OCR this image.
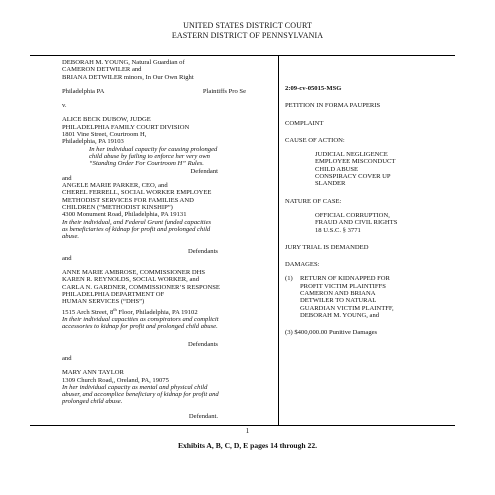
UNITED STATES DISTRICT COURT
EASTERN DISTRICT OF PENNSYLVANIA
DEBORAH M. YOUNG, Natural Guardian of
CAMERON DETWILER and
BRIANA DETWILER minors, In Our Own Right
Philadelphia PA	Plaintiffs Pro Se
v.
ALICE BECK DUBOW, JUDGE
PHILADELPHIA FAMILY COURT DIVISION
1801 Vine Street, Courtroom H,
Philadelphia, PA 19103
In her individual capacity for causing prolonged
child abuse by failing to enforce her very own
“Standing Order For Courtroom H” Rules.
Defendant
and
ANGELE MARIE PARKER, CEO, and
CHEREL FERRELL, SOCIAL WORKER EMPLOYEE
METHODIST SERVICES FOR FAMILIES AND
CHILDREN (“METHODIST KINSHIP”)
4300 Monument Road, Philadelphia, PA 19131
In their individual, and Federal Grant funded capacities
as beneficiaries of kidnap for profit and prolonged child
abuse.
Defendants
and
ANNE MARIE AMBROSE, COMMISSIONER DHS
KAREN R. REYNOLDS, SOCIAL WORKER, and
CARLA N. GARDNER, COMMISSIONER’S RESPONSE
PHILADELPHIA DEPARTMENT OF
HUMAN SERVICES (“DHS”)
1515 Arch Street, 8th Floor, Philadelphia, PA 19102
In their individual capacities as conspirators and complicit
accessories to kidnap for profit and prolonged child abuse.
Defendants
and
MARY ANN TAYLOR
1309 Church Road,, Oreland, PA, 19075
In her individual capacity as mental and physical child
abuser, and accomplice beneficiary of kidnap for profit and
prolonged child abuse.
Defendant.
2:09-cv-05015-MSG
PETITION IN FORMA PAUPERIS
COMPLAINT
CAUSE OF ACTION:
JUDICIAL NEGLIGENCE
EMPLOYEE MISCONDUCT
CHILD ABUSE
CONSPIRACY COVER UP
SLANDER
NATURE OF CASE:
OFFICIAL CORRUPTION,
FRAUD AND CIVIL RIGHTS
18 U.S.C. § 3771
JURY TRIAL IS DEMANDED
DAMAGES:
(1)	RETURN OF KIDNAPPED FOR
PROFIT VICTIM PLAINTIFFS
CAMERON AND BRIANA
DETWILER TO NATURAL
GUARDIAN VICTIM PLAINTFF,
DEBORAH M. YOUNG, and
(3) $400,000.00 Punitive Damages
1
Exhibits A, B, C, D, E pages 14 through 22.
